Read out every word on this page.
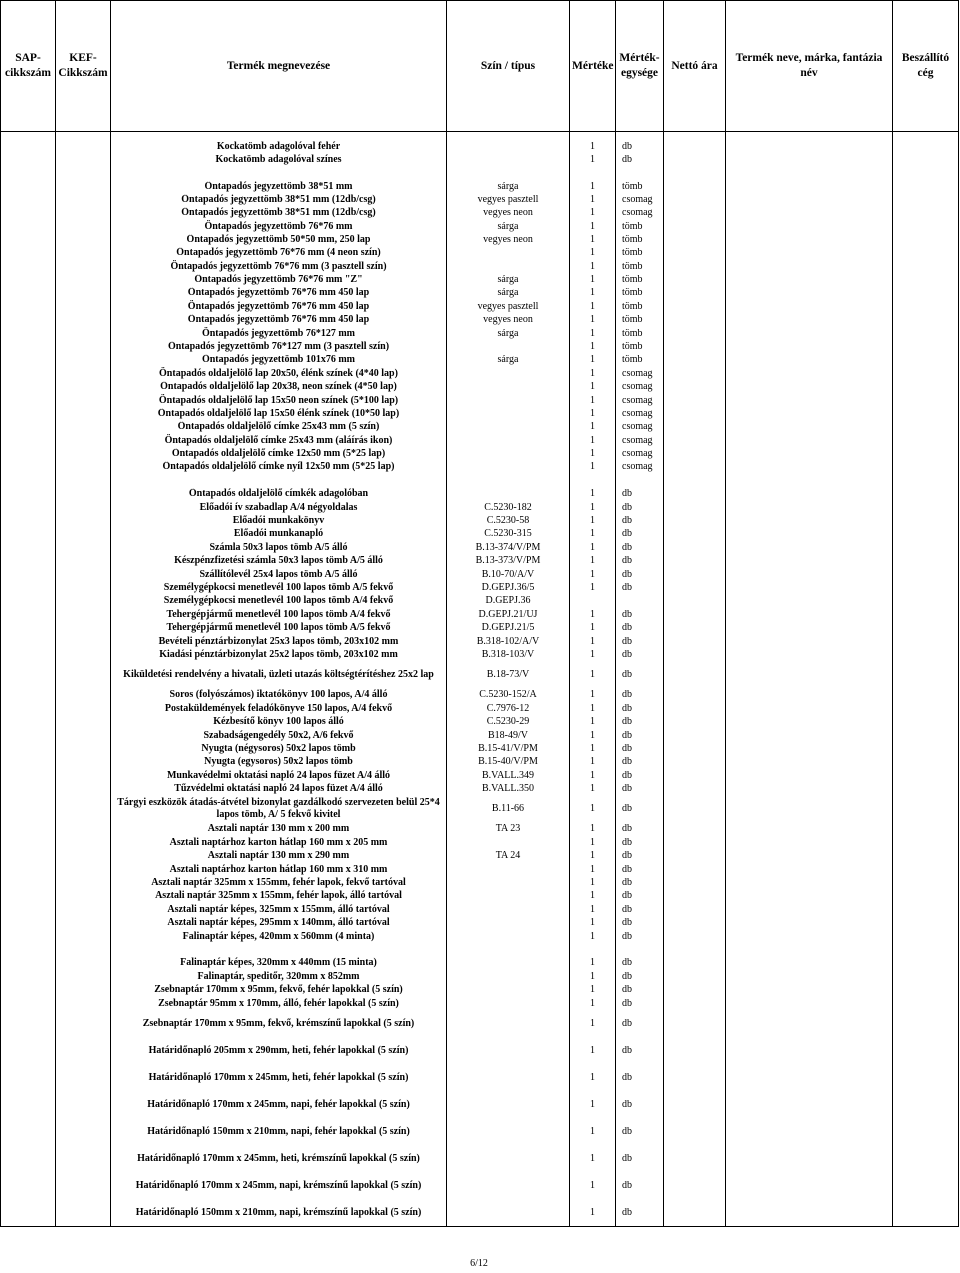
SAP-cikkszám	KEF-Cikkszám	Termék megnevezése	Szín / típus	Mértéke	Mérték-egysége	Nettó ára	Termék neve, márka, fantázia név	Beszállító cég

		Kockatömb adagolóval fehér		1	db			
		Kockatömb adagolóval színes		1	db			

		Öntapadós jegyzettömb 38*51 mm	sárga	1	tömb			
		Öntapadós jegyzettömb 38*51 mm (12db/csg)	vegyes pasztell	1	csomag			
		Öntapadós jegyzettömb 38*51 mm (12db/csg)	vegyes neon	1	csomag			
		Öntapadós jegyzettömb 76*76 mm	sárga	1	tömb			
		Öntapadós jegyzettömb 50*50 mm, 250 lap	vegyes neon	1	tömb			
		Öntapadós jegyzettömb 76*76 mm (4 neon szín)		1	tömb			
		Öntapadós jegyzettömb 76*76 mm (3 pasztell szín)		1	tömb			
		Öntapadós jegyzettömb 76*76 mm "Z"	sárga	1	tömb			
		Öntapadós jegyzettömb 76*76 mm 450 lap	sárga	1	tömb			
		Öntapadós jegyzettömb 76*76 mm 450 lap	vegyes pasztell	1	tömb			
		Öntapadós jegyzettömb 76*76 mm 450 lap	vegyes neon	1	tömb			
		Öntapadós jegyzettömb 76*127 mm	sárga	1	tömb			
		Öntapadós jegyzettömb 76*127 mm (3 pasztell szín)		1	tömb			
		Öntapadós jegyzettömb 101x76 mm	sárga	1	tömb			
		Öntapadós oldaljelölő lap 20x50, élénk színek (4*40 lap)		1	csomag			
		Öntapadós oldaljelölő lap 20x38, neon színek (4*50 lap)		1	csomag			
		Öntapadós oldaljelölő lap 15x50 neon színek (5*100 lap)		1	csomag			
		Öntapadós oldaljelölő lap 15x50 élénk színek (10*50 lap)		1	csomag			
		Öntapadós oldaljelölő címke 25x43 mm (5 szín)		1	csomag			
		Öntapadós oldaljelölő címke 25x43 mm (aláírás ikon)		1	csomag			
		Öntapadós oldaljelölő címke 12x50 mm (5*25 lap)		1	csomag			
		Öntapadós oldaljelölő címke nyíl 12x50 mm (5*25 lap)		1	csomag			

		Öntapadós oldaljelölő címkék adagolóban		1	db			
		Előadói ív szabadlap A/4 négyoldalas	C.5230-182	1	db			
		Előadói munkakönyv	C.5230-58	1	db			
		Előadói munkanapló	C.5230-315	1	db			
		Számla 50x3 lapos tömb A/5 álló	B.13-374/V/PM	1	db			
		Készpénzfizetési számla 50x3 lapos tömb A/5 álló	B.13-373/V/PM	1	db			
		Szállítólevél 25x4 lapos tömb A/5 álló	B.10-70/A/V	1	db			
		Személygépkocsi menetlevél 100 lapos tömb A/5 fekvő	D.GEPJ.36/5	1	db			
		Személygépkocsi menetlevél 100 lapos tömb A/4 fekvő	D.GEPJ.36					
		Tehergépjármű menetlevél 100 lapos tömb A/4 fekvő	D.GEPJ.21/UJ	1	db			
		Tehergépjármű menetlevél 100 lapos tömb A/5 fekvő	D.GEPJ.21/5	1	db			
		Bevételi pénztárbizonylat 25x3 lapos tömb, 203x102 mm	B.318-102/A/V	1	db			
		Kiadási pénztárbizonylat 25x2 lapos tömb, 203x102 mm	B.318-103/V	1	db			
		Kiküldetési rendelvény a hivatali, üzleti utazás költségtérítéshez 25x2 lap	B.18-73/V	1	db			
		Soros (folyószámos) iktatókönyv 100 lapos, A/4 álló	C.5230-152/A	1	db			
		Postaküldemények feladókönyve 150 lapos, A/4 fekvő	C.7976-12	1	db			
		Kézbesítő könyv 100 lapos álló	C.5230-29	1	db			
		Szabadságengedély 50x2, A/6 fekvő	B18-49/V	1	db			
		Nyugta (négysoros) 50x2 lapos tömb	B.15-41/V/PM	1	db			
		Nyugta (egysoros) 50x2 lapos tömb	B.15-40/V/PM	1	db			
		Munkavédelmi oktatási napló 24 lapos füzet A/4 álló	B.VALL.349	1	db			
		Tűzvédelmi oktatási napló 24 lapos füzet A/4 álló	B.VALL.350	1	db			
		Tárgyi eszközök átadás-átvétel bizonylat gazdálkodó szervezeten belül 25*4 lapos tömb, A/ 5 fekvő kivitel	B.11-66	1	db			
		Asztali naptár 130 mm x 200 mm	TA 23	1	db			
		Asztali naptárhoz karton hátlap 160 mm x 205 mm		1	db			
		Asztali naptár 130 mm x 290 mm	TA 24	1	db			
		Asztali naptárhoz karton hátlap 160 mm x 310 mm		1	db			
		Asztali naptár 325mm x 155mm, fehér lapok, fekvő tartóval		1	db			
		Asztali naptár 325mm x 155mm, fehér lapok, álló tartóval		1	db			
		Asztali naptár képes, 325mm x 155mm, álló tartóval		1	db			
		Asztali naptár képes, 295mm x 140mm, álló tartóval		1	db			
		Falinaptár képes, 420mm x 560mm (4 minta)		1	db			

		Falinaptár képes, 320mm x 440mm (15 minta)		1	db			
		Falinaptár, speditőr, 320mm x 852mm		1	db			
		Zsebnaptár 170mm x 95mm, fekvő, fehér lapokkal (5 szín)		1	db			
		Zsebnaptár 95mm x 170mm, álló, fehér lapokkal (5 szín)		1	db			
		Zsebnaptár 170mm x 95mm, fekvő, krémszínű lapokkal (5 szín)		1	db			
		Határidőnapló 205mm x 290mm, heti, fehér lapokkal (5 szín)		1	db			
		Határidőnapló 170mm x 245mm, heti, fehér lapokkal (5 szín)		1	db			
		Határidőnapló 170mm x 245mm, napi, fehér lapokkal (5 szín)		1	db			
		Határidőnapló 150mm x 210mm, napi, fehér lapokkal (5 szín)		1	db			
		Határidőnapló 170mm x 245mm, heti, krémszínű lapokkal (5 szín)		1	db			
		Határidőnapló 170mm x 245mm, napi, krémszínű lapokkal (5 szín)		1	db			
		Határidőnapló 150mm x 210mm, napi, krémszínű lapokkal (5 szín)		1	db			
6/12
